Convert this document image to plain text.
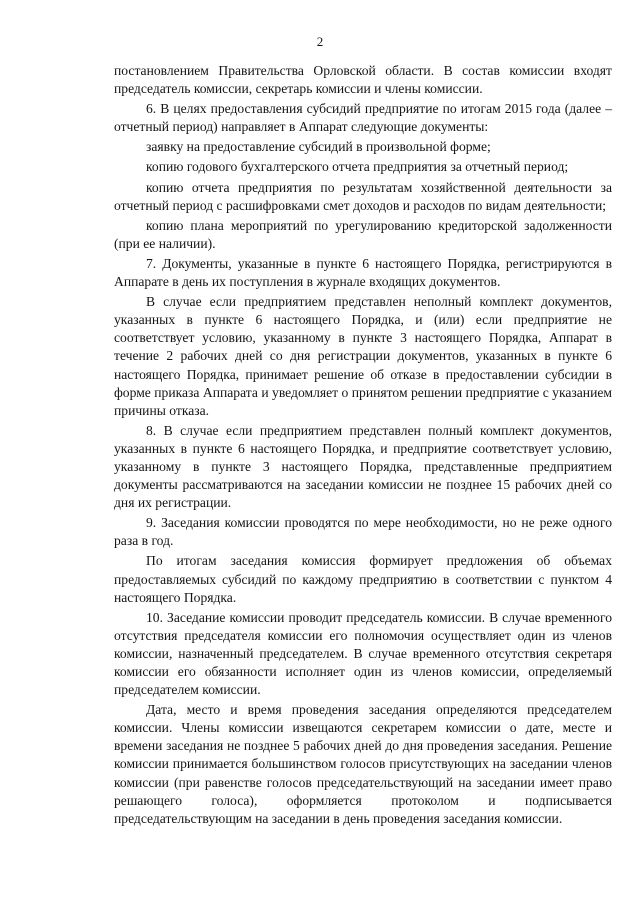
2

постановлением Правительства Орловской области. В состав комиссии входят председатель комиссии, секретарь комиссии и члены комиссии.

6. В целях предоставления субсидий предприятие по итогам 2015 года (далее – отчетный период) направляет в Аппарат следующие документы:

заявку на предоставление субсидий в произвольной форме;

копию годового бухгалтерского отчета предприятия за отчетный период;

копию отчета предприятия по результатам хозяйственной деятельности за отчетный период с расшифровками смет доходов и расходов по видам деятельности;

копию плана мероприятий по урегулированию кредиторской задолженности (при ее наличии).

7. Документы, указанные в пункте 6 настоящего Порядка, регистрируются в Аппарате в день их поступления в журнале входящих документов.

В случае если предприятием представлен неполный комплект документов, указанных в пункте 6 настоящего Порядка, и (или) если предприятие не соответствует условию, указанному в пункте 3 настоящего Порядка, Аппарат в течение 2 рабочих дней со дня регистрации документов, указанных в пункте 6 настоящего Порядка, принимает решение об отказе в предоставлении субсидии в форме приказа Аппарата и уведомляет о принятом решении предприятие с указанием причины отказа.

8. В случае если предприятием представлен полный комплект документов, указанных в пункте 6 настоящего Порядка, и предприятие соответствует условию, указанному в пункте 3 настоящего Порядка, представленные предприятием документы рассматриваются на заседании комиссии не позднее 15 рабочих дней со дня их регистрации.

9. Заседания комиссии проводятся по мере необходимости, но не реже одного раза в год.

По итогам заседания комиссия формирует предложения об объемах предоставляемых субсидий по каждому предприятию в соответствии с пунктом 4 настоящего Порядка.

10. Заседание комиссии проводит председатель комиссии. В случае временного отсутствия председателя комиссии его полномочия осуществляет один из членов комиссии, назначенный председателем. В случае временного отсутствия секретаря комиссии его обязанности исполняет один из членов комиссии, определяемый председателем комиссии.

Дата, место и время проведения заседания определяются председателем комиссии. Члены комиссии извещаются секретарем комиссии о дате, месте и времени заседания не позднее 5 рабочих дней до дня проведения заседания. Решение комиссии принимается большинством голосов присутствующих на заседании членов комиссии (при равенстве голосов председательствующий на заседании имеет право решающего голоса), оформляется протоколом и подписывается председательствующим на заседании в день проведения заседания комиссии.
